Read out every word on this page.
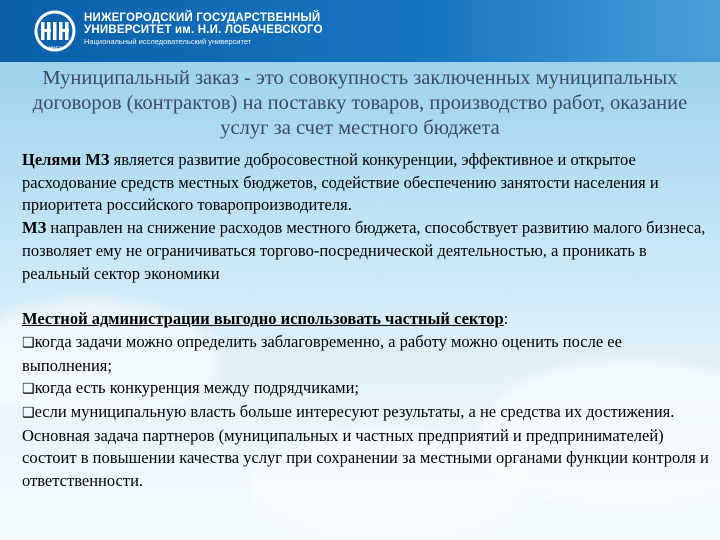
ННГУ
НИЖЕГОРОДСКИЙ ГОСУДАРСТВЕННЫЙ
УНИВЕРСИТЕТ им. Н.И. ЛОБАЧЕВСКОГО
Национальный исследовательский университет
Муниципальный заказ - это совокупность заключенных муниципальных договоров (контрактов) на поставку товаров, производство работ, оказание услуг за счет местного бюджета

Целями МЗ является развитие добросовестной конкуренции, эффективное и открытое расходование средств местных бюджетов, содействие обеспечению занятости населения и приоритета российского товаропроизводителя.

МЗ направлен на снижение расходов местного бюджета, способствует развитию малого бизнеса, позволяет ему не ограничиваться торгово-посреднической деятельностью, а проникать в реальный сектор экономики

Местной администрации выгодно использовать частный сектор:

❑когда задачи можно определить заблаговременно, а работу можно оценить после ее выполнения;

❑когда есть конкуренция между подрядчиками;

❑если муниципальную власть больше интересуют результаты, а не средства их достижения.

Основная задача партнеров (муниципальных и частных предприятий и предпринимателей) состоит в повышении качества услуг при сохранении за местными органами функции контроля и ответственности.
